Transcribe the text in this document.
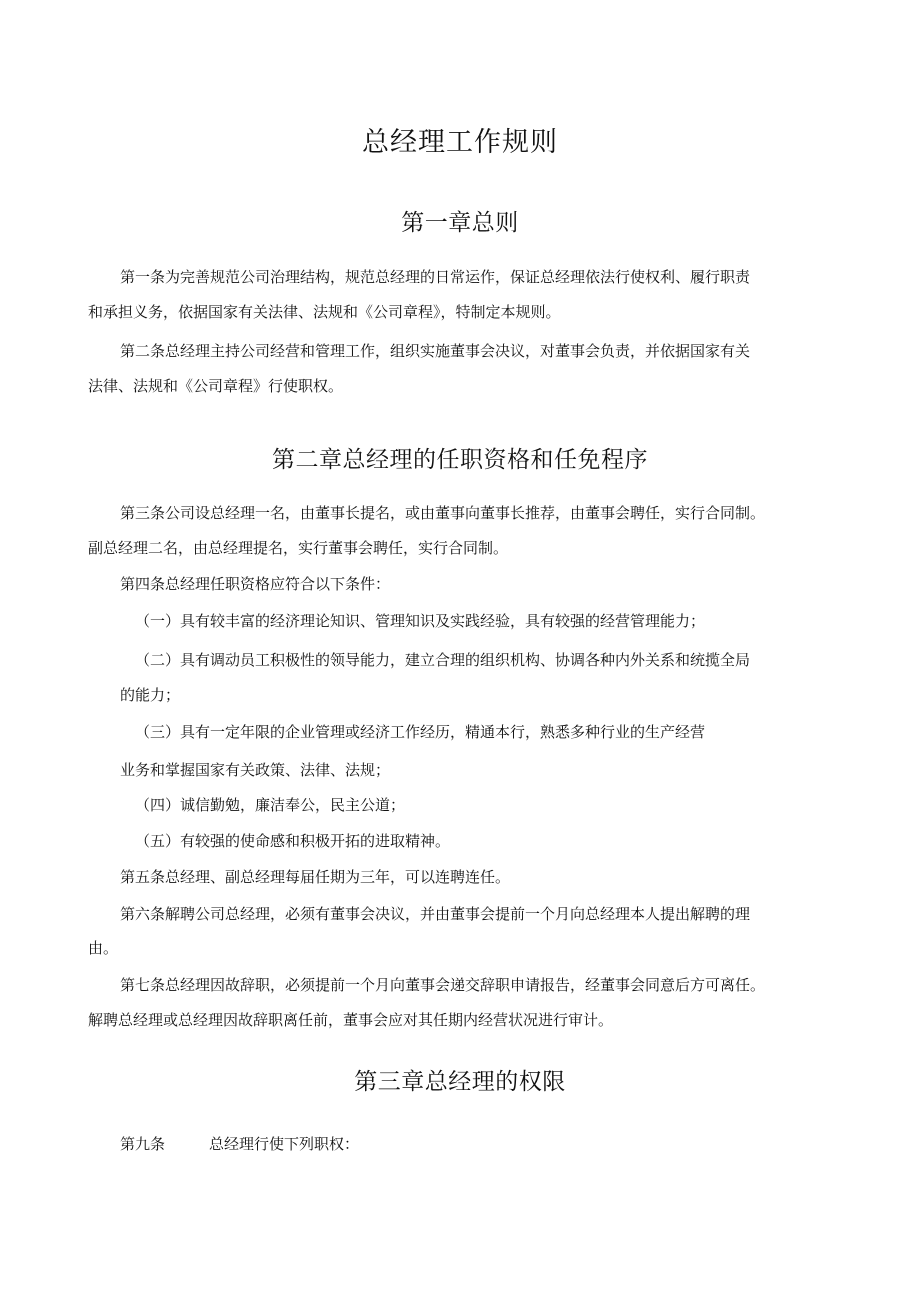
总经理工作规则
第一章总则

第一条为完善规范公司治理结构，规范总经理的日常运作，保证总经理依法行使权利、履行职责

和承担义务，依据国家有关法律、法规和《公司章程》，特制定本规则。

第二条总经理主持公司经营和管理工作，组织实施董事会决议，对董事会负责，并依据国家有关

法律、法规和《公司章程》行使职权。

第二章总经理的任职资格和任免程序

第三条公司设总经理一名，由董事长提名，或由董事向董事长推荐，由董事会聘任，实行合同制。

副总经理二名，由总经理提名，实行董事会聘任，实行合同制。

第四条总经理任职资格应符合以下条件：

（一）具有较丰富的经济理论知识、管理知识及实践经验，具有较强的经营管理能力；

（二）具有调动员工积极性的领导能力，建立合理的组织机构、协调各种内外关系和统揽全局

的能力；

（三）具有一定年限的企业管理或经济工作经历，精通本行，熟悉多种行业的生产经营

业务和掌握国家有关政策、法律、法规；

（四）诚信勤勉，廉洁奉公，民主公道；

（五）有较强的使命感和积极开拓的进取精神。

第五条总经理、副总经理每届任期为三年，可以连聘连任。

第六条解聘公司总经理，必须有董事会决议，并由董事会提前一个月向总经理本人提出解聘的理

由。

第七条总经理因故辞职，必须提前一个月向董事会递交辞职申请报告，经董事会同意后方可离任。

解聘总经理或总经理因故辞职离任前，董事会应对其任期内经营状况进行审计。

第三章总经理的权限

第九条	总经理行使下列职权：
